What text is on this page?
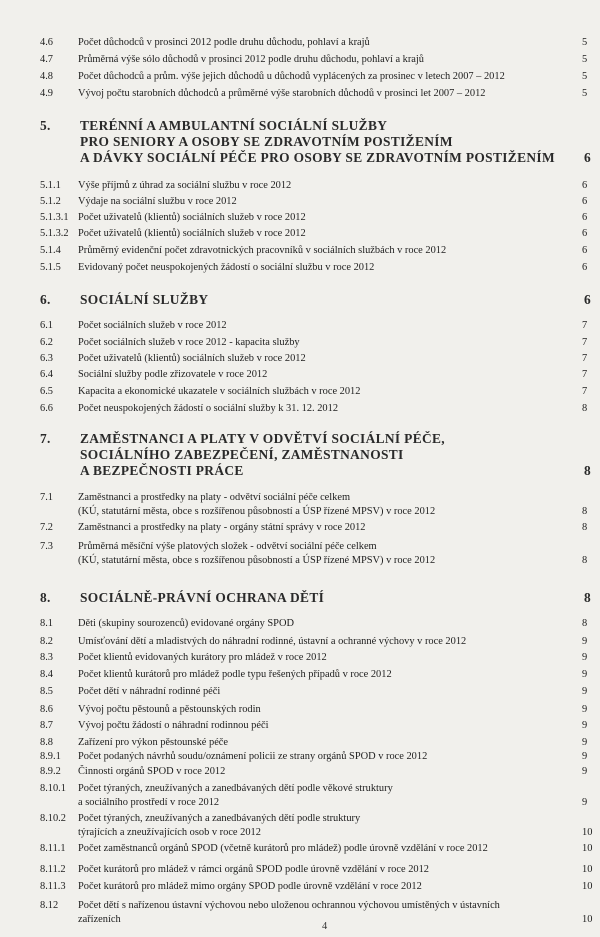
4.6	Počet důchodců v prosinci 2012 podle druhu důchodu, pohlaví a krajů	5
4.7	Průměrná výše sólo důchodů v prosinci 2012 podle druhu důchodu, pohlaví a krajů	5
4.8	Počet důchodců a prům. výše jejich důchodů u důchodů vyplácených za prosinec v letech 2007 – 2012	5
4.9	Vývoj počtu starobních důchodců a průměrné výše starobních důchodů v prosinci let 2007 – 2012	5
5.	TERÉNNÍ A AMBULANTNÍ SOCIÁLNÍ SLUŽBY
PRO SENIORY A OSOBY SE ZDRAVOTNÍM POSTIŽENÍM
A DÁVKY SOCIÁLNÍ PÉČE PRO OSOBY SE ZDRAVOTNÍM POSTIŽENÍM	6
5.1.1	Výše příjmů z úhrad za sociální službu v roce 2012	6
5.1.2	Výdaje na sociální službu v roce 2012	6
5.1.3.1 Počet uživatelů (klientů) sociálních služeb v roce 2012	6
5.1.3.2 Počet uživatelů (klientů) sociálních služeb v roce 2012	6
5.1.4	Průměrný evidenční počet zdravotnických pracovníků v sociálních službách v roce 2012	6
5.1.5	Evidovaný počet neuspokojených žádostí o sociální službu v roce 2012	6
6.	SOCIÁLNÍ SLUŽBY	6
6.1	Počet sociálních služeb v roce 2012	7
6.2	Počet sociálních služeb v roce 2012 - kapacita služby	7
6.3	Počet uživatelů (klientů) sociálních služeb v roce 2012	7
6.4	Sociální služby podle zřizovatele v roce 2012	7
6.5	Kapacita a ekonomické ukazatele v sociálních službách v roce 2012	7
6.6	Počet neuspokojených žádostí o sociální služby k 31. 12. 2012	8
7.	ZAMĚSTNANCI A PLATY V ODVĚTVÍ SOCIÁLNÍ PÉČE,
SOCIÁLNÍHO ZABEZPEČENÍ, ZAMĚSTNANOSTI
A BEZPEČNOSTI PRÁCE	8
7.1	Zaměstnanci a prostředky na platy - odvětví sociální péče celkem
(KÚ, statutární města, obce s rozšířenou působností a ÚSP řízené MPSV) v roce 2012	8
7.2	Zaměstnanci a prostředky na platy - orgány státní správy v roce 2012	8
7.3	Průměrná měsíční výše platových složek - odvětví sociální péče celkem
(KÚ, statutární města, obce s rozšířenou působností a ÚSP řízené MPSV) v roce 2012	8
8.	SOCIÁLNĚ-PRÁVNÍ OCHRANA DĚTÍ	8
8.1	Děti (skupiny sourozenců) evidované orgány SPOD	8
8.2	Umísťování dětí a mladistvých do náhradní rodinné, ústavní a ochranné výchovy v roce 2012	9
8.3	Počet klientů evidovaných kurátory pro mládež v roce 2012	9
8.4	Počet klientů kurátorů pro mládež podle typu řešených případů v roce 2012	9
8.5	Počet dětí v náhradní rodinné péči	9
8.6	Vývoj počtu pěstounů a pěstounských rodin	9
8.7	Vývoj počtu žádostí o náhradní rodinnou péči	9
8.8	Zařízení pro výkon pěstounské péče	9
8.9.1	Počet podaných návrhů soudu/oznámení policii ze strany orgánů SPOD v roce 2012	9
8.9.2	Činnosti orgánů SPOD v roce 2012	9
8.10.1	Počet týraných, zneužívaných a zanedbávaných dětí podle věkové struktury
a sociálního prostředí v roce 2012	9
8.10.2	Počet týraných, zneužívaných a zanedbávaných dětí podle struktury
týrajících a zneužívajících osob v roce 2012	10
8.11.1	Počet zaměstnanců orgánů SPOD (včetně kurátorů pro mládež) podle úrovně vzdělání v roce 2012	10
8.11.2	Počet kurátorů pro mládež v rámci orgánů SPOD podle úrovně vzdělání v roce 2012	10
8.11.3	Počet kurátorů pro mládež mimo orgány SPOD podle úrovně vzdělání v roce 2012	10
8.12	Počet dětí s nařízenou ústavní výchovou nebo uloženou ochrannou výchovou umístěných v ústavních
zařízeních	10
4
